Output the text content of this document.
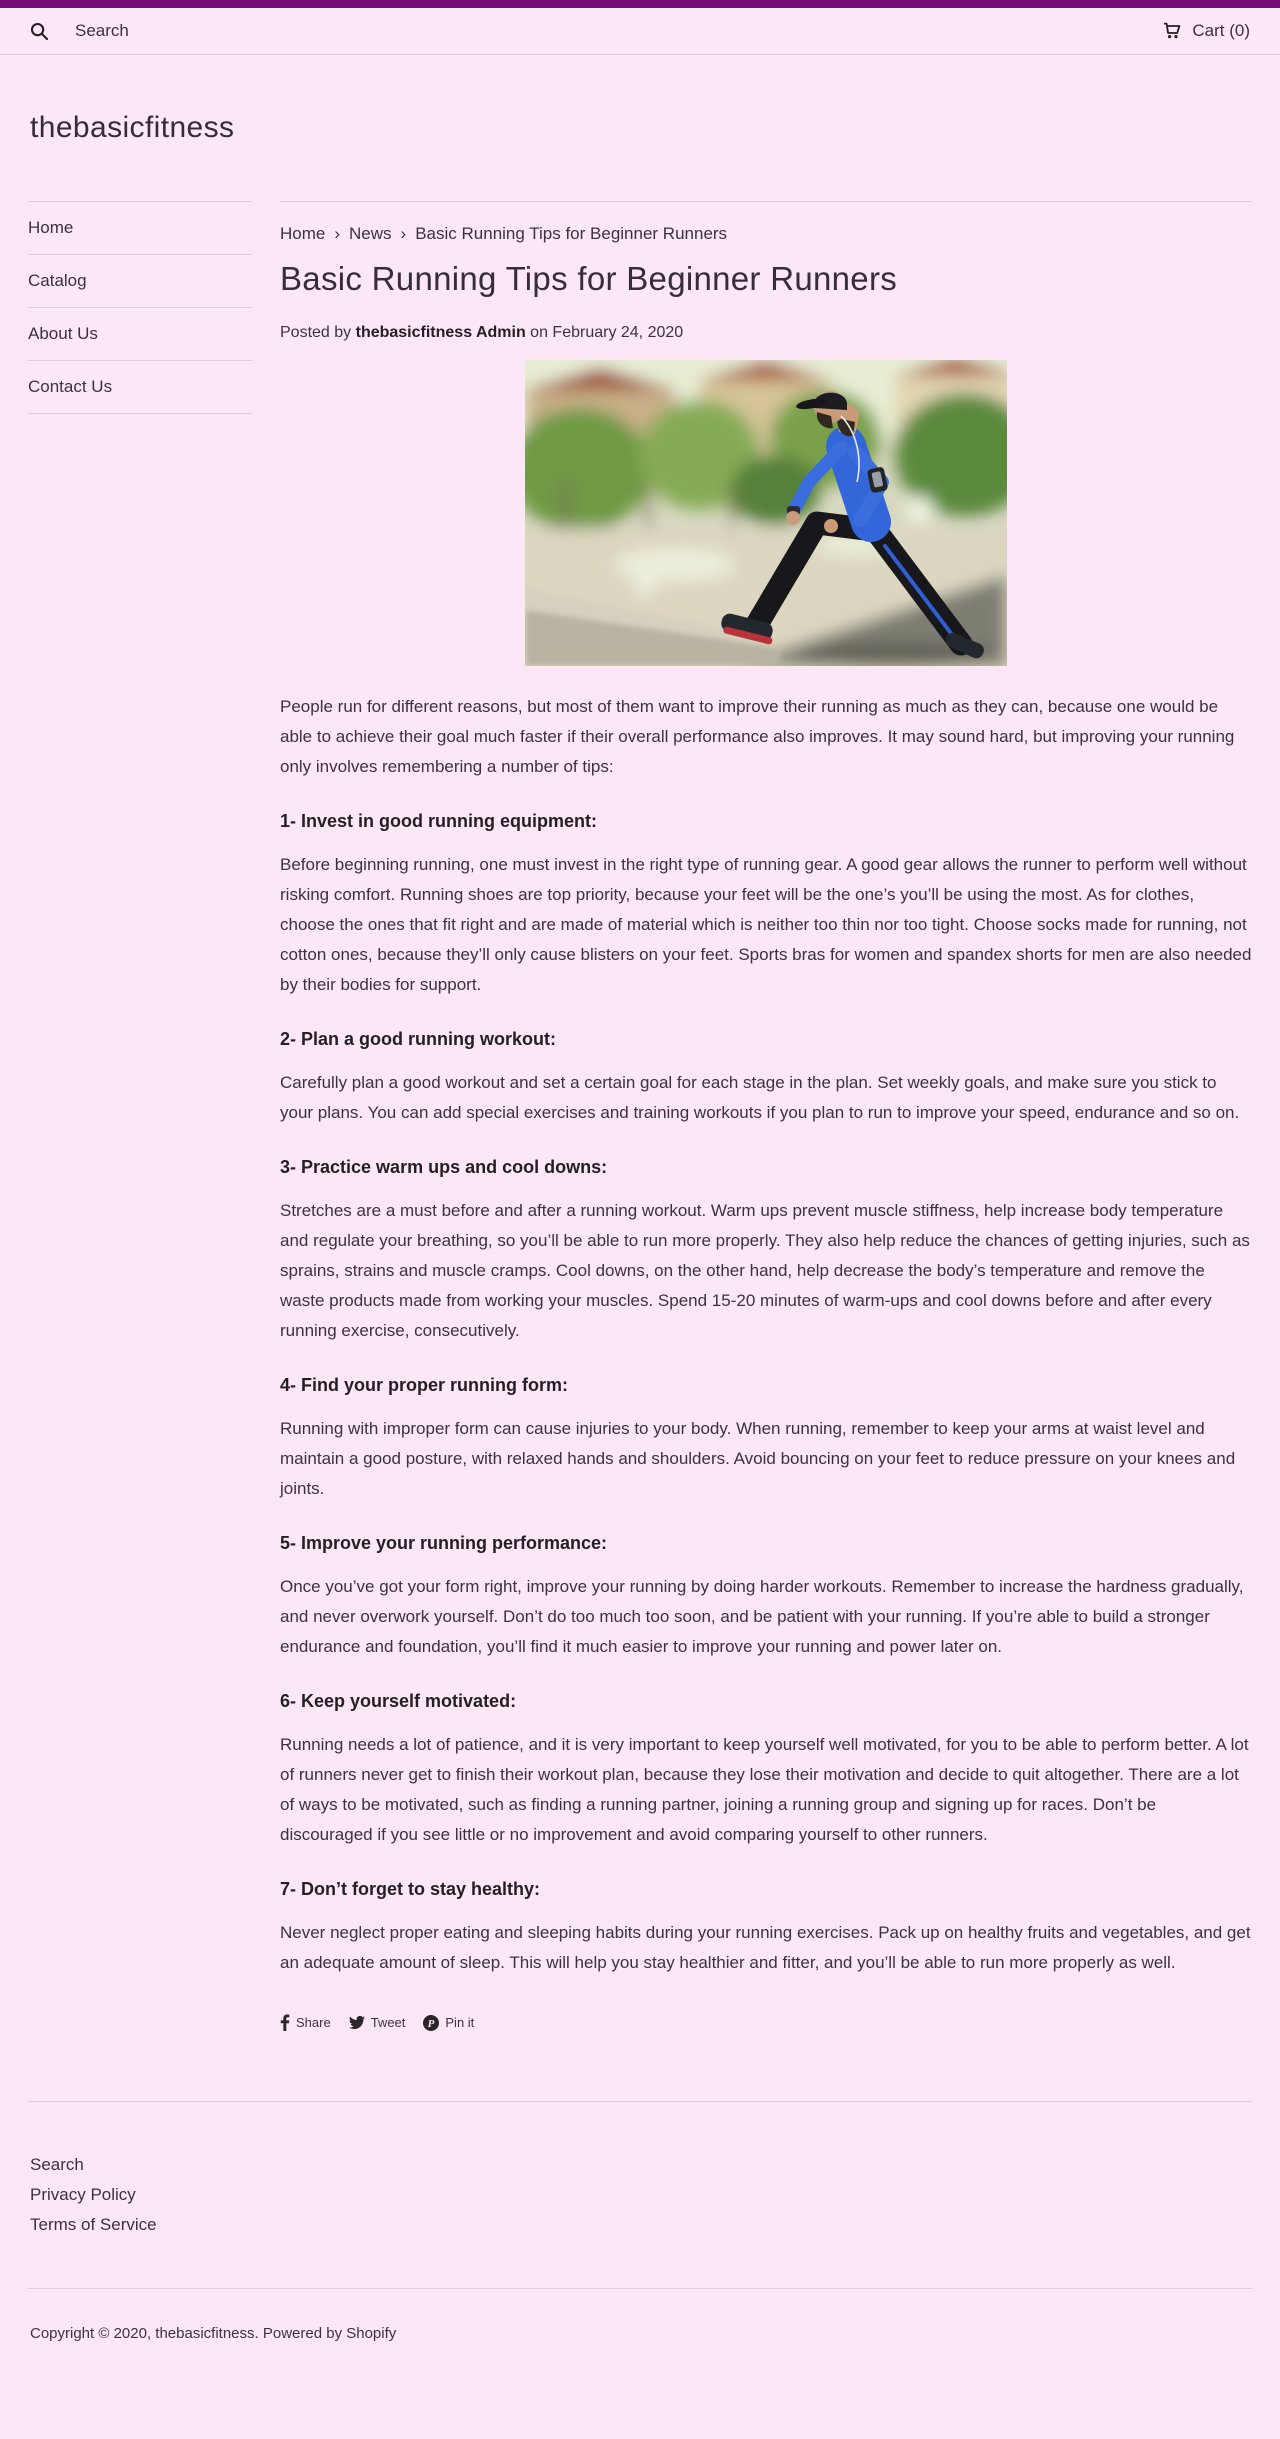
Search	Cart (0)
thebasicfitness
Home
Catalog
About Us
Contact Us
Home › News › Basic Running Tips for Beginner Runners
Basic Running Tips for Beginner Runners

Posted by thebasicfitness Admin on February 24, 2020

People run for different reasons, but most of them want to improve their running as much as they can, because one would be able to achieve their goal much faster if their overall performance also improves. It may sound hard, but improving your running only involves remembering a number of tips:

1- Invest in good running equipment:

Before beginning running, one must invest in the right type of running gear. A good gear allows the runner to perform well without risking comfort. Running shoes are top priority, because your feet will be the one’s you’ll be using the most. As for clothes, choose the ones that fit right and are made of material which is neither too thin nor too tight. Choose socks made for running, not cotton ones, because they’ll only cause blisters on your feet. Sports bras for women and spandex shorts for men are also needed by their bodies for support.

2- Plan a good running workout:

Carefully plan a good workout and set a certain goal for each stage in the plan. Set weekly goals, and make sure you stick to your plans. You can add special exercises and training workouts if you plan to run to improve your speed, endurance and so on.

3- Practice warm ups and cool downs:

Stretches are a must before and after a running workout. Warm ups prevent muscle stiffness, help increase body temperature and regulate your breathing, so you’ll be able to run more properly. They also help reduce the chances of getting injuries, such as sprains, strains and muscle cramps. Cool downs, on the other hand, help decrease the body’s temperature and remove the waste products made from working your muscles. Spend 15-20 minutes of warm-ups and cool downs before and after every running exercise, consecutively.

4- Find your proper running form:

Running with improper form can cause injuries to your body. When running, remember to keep your arms at waist level and maintain a good posture, with relaxed hands and shoulders. Avoid bouncing on your feet to reduce pressure on your knees and joints.

5- Improve your running performance:

Once you’ve got your form right, improve your running by doing harder workouts. Remember to increase the hardness gradually, and never overwork yourself. Don’t do too much too soon, and be patient with your running. If you’re able to build a stronger endurance and foundation, you’ll find it much easier to improve your running and power later on.

6- Keep yourself motivated:

Running needs a lot of patience, and it is very important to keep yourself well motivated, for you to be able to perform better. A lot of runners never get to finish their workout plan, because they lose their motivation and decide to quit altogether. There are a lot of ways to be motivated, such as finding a running partner, joining a running group and signing up for races. Don’t be discouraged if you see little or no improvement and avoid comparing yourself to other runners.

7- Don’t forget to stay healthy:

Never neglect proper eating and sleeping habits during your running exercises. Pack up on healthy fruits and vegetables, and get an adequate amount of sleep. This will help you stay healthier and fitter, and you’ll be able to run more properly as well.

Share	Tweet P Pin it
Search
Privacy Policy
Terms of Service
Copyright © 2020, thebasicfitness. Powered by Shopify
